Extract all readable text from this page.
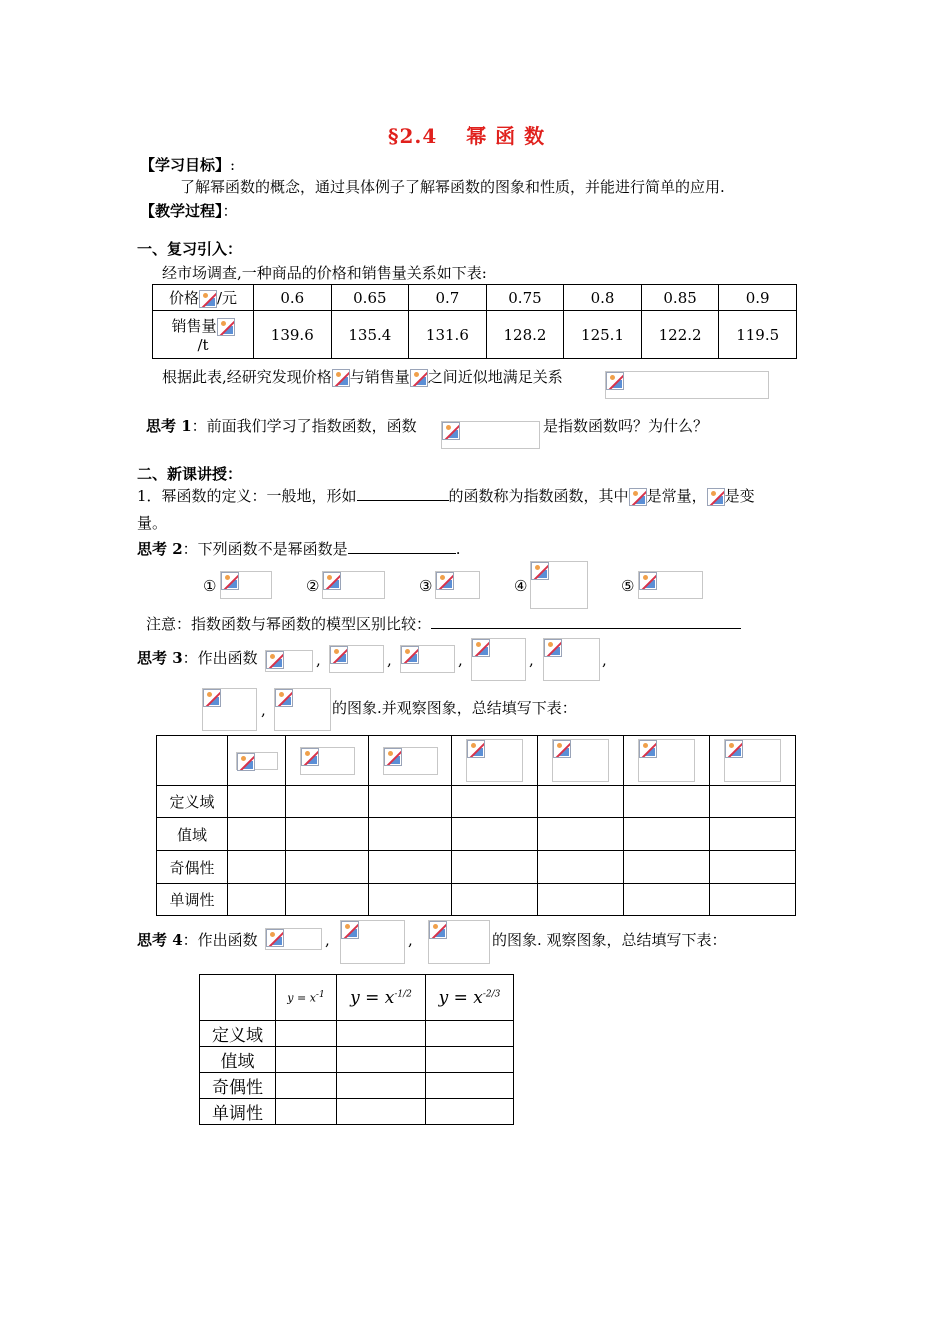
§2.4　 幂 函 数
【学习目标】:
了解幂函数的概念，通过具体例子了解幂函数的图象和性质，并能进行简单的应用.
【教学过程】：
一、复习引入：
经市场调查,一种商品的价格和销售量关系如下表:
价格 /元	0.6	0.65	0.7	0.75	0.8	0.85	0.9

销售量
/t	139.6	135.4	131.6	128.2	125.1	122.2	119.5
根据此表,经研究发现价格 与销售量 之间近似地满足关系
思考 1：前面我们学习了指数函数，函数	是指数函数吗？为什么？
二、新课讲授：
1．幂函数的定义：一般地，形如	的函数称为指数函数，其中 是常量， 是变
量。
思考 2：下列函数不是幂函数是	.
①	②	③	④	⑤
注意：指数函数与幂函数的模型区别比较：
思考 3：作出函数	,	,	,	,	,
,	的图象.并观察图象，总结填写下表：

定义域							
值域							
奇偶性							
单调性							
思考 4：作出函数	,	,	的图象. 观察图象，总结填写下表：
	$y = x^{-1}$	$y = x^{-1/2}$	$y = x^{-2/3}$
定义域			
值域			
奇偶性			
单调性			
